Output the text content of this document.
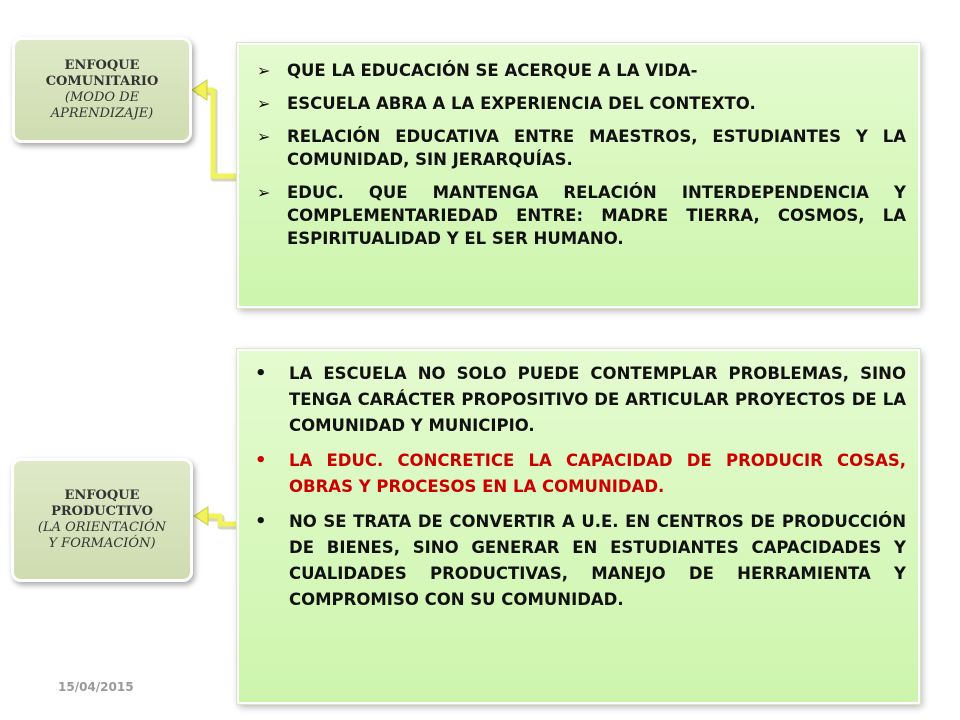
ENFOQUE
COMUNITARIO
(MODO DE
APRENDIZAJE)
ENFOQUE
PRODUCTIVO
(LA ORIENTACIÓN
Y FORMACIÓN)
➢ QUE LA EDUCACIÓN SE ACERQUE A LA VIDA-
➢ ESCUELA ABRA A LA EXPERIENCIA DEL CONTEXTO.
➢ RELACIÓN EDUCATIVA ENTRE MAESTROS, ESTUDIANTES Y LA COMUNIDAD, SIN JERARQUÍAS.
➢ EDUC. QUE MANTENGA RELACIÓN INTERDEPENDENCIA Y COMPLEMENTARIEDAD ENTRE: MADRE TIERRA, COSMOS, LA ESPIRITUALIDAD Y EL SER HUMANO.
• LA ESCUELA NO SOLO PUEDE CONTEMPLAR PROBLEMAS, SINO TENGA CARÁCTER PROPOSITIVO DE ARTICULAR PROYECTOS DE LA COMUNIDAD Y MUNICIPIO.
• LA EDUC. CONCRETICE LA CAPACIDAD DE PRODUCIR COSAS, OBRAS Y PROCESOS EN LA COMUNIDAD.
• NO SE TRATA DE CONVERTIR A U.E. EN CENTROS DE PRODUCCIÓN DE BIENES, SINO GENERAR EN ESTUDIANTES CAPACIDADES Y CUALIDADES PRODUCTIVAS, MANEJO DE HERRAMIENTA Y COMPROMISO CON SU COMUNIDAD.
15/04/2015
